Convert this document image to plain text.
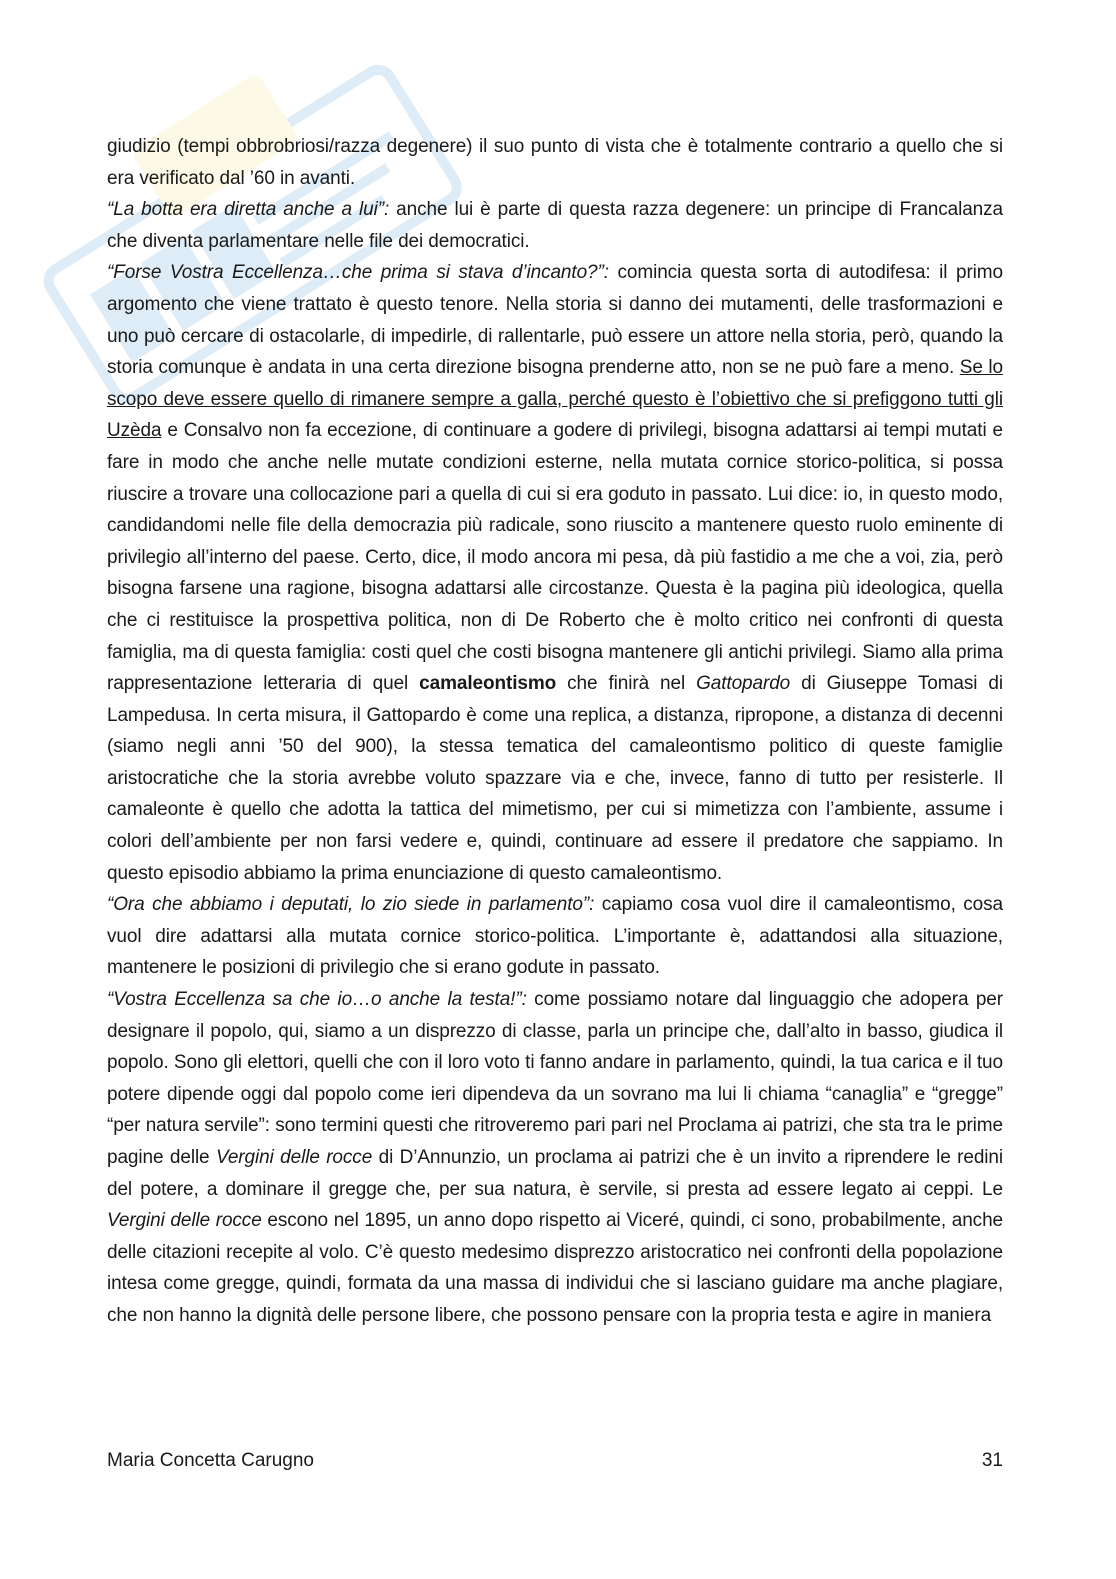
giudizio (tempi obbrobriosi/razza degenere) il suo punto di vista che è totalmente contrario a quello che si era verificato dal ’60 in avanti.

“La botta era diretta anche a lui”: anche lui è parte di questa razza degenere: un principe di Francalanza che diventa parlamentare nelle file dei democratici.

“Forse Vostra Eccellenza…che prima si stava d’incanto?”: comincia questa sorta di autodifesa: il primo argomento che viene trattato è questo tenore. Nella storia si danno dei mutamenti, delle trasformazioni e uno può cercare di ostacolarle, di impedirle, di rallentarle, può essere un attore nella storia, però, quando la storia comunque è andata in una certa direzione bisogna prenderne atto, non se ne può fare a meno. Se lo scopo deve essere quello di rimanere sempre a galla, perché questo è l’obiettivo che si prefiggono tutti gli Uzèda e Consalvo non fa eccezione, di continuare a godere di privilegi, bisogna adattarsi ai tempi mutati e fare in modo che anche nelle mutate condizioni esterne, nella mutata cornice storico-politica, si possa riuscire a trovare una collocazione pari a quella di cui si era goduto in passato. Lui dice: io, in questo modo, candidandomi nelle file della democrazia più radicale, sono riuscito a mantenere questo ruolo eminente di privilegio all’interno del paese. Certo, dice, il modo ancora mi pesa, dà più fastidio a me che a voi, zia, però bisogna farsene una ragione, bisogna adattarsi alle circostanze. Questa è la pagina più ideologica, quella che ci restituisce la prospettiva politica, non di De Roberto che è molto critico nei confronti di questa famiglia, ma di questa famiglia: costi quel che costi bisogna mantenere gli antichi privilegi. Siamo alla prima rappresentazione letteraria di quel camaleontismo che finirà nel Gattopardo di Giuseppe Tomasi di Lampedusa. In certa misura, il Gattopardo è come una replica, a distanza, ripropone, a distanza di decenni (siamo negli anni ’50 del 900), la stessa tematica del camaleontismo politico di queste famiglie aristocratiche che la storia avrebbe voluto spazzare via e che, invece, fanno di tutto per resisterle. Il camaleonte è quello che adotta la tattica del mimetismo, per cui si mimetizza con l’ambiente, assume i colori dell’ambiente per non farsi vedere e, quindi, continuare ad essere il predatore che sappiamo. In questo episodio abbiamo la prima enunciazione di questo camaleontismo.

“Ora che abbiamo i deputati, lo zio siede in parlamento”: capiamo cosa vuol dire il camaleontismo, cosa vuol dire adattarsi alla mutata cornice storico-politica. L’importante è, adattandosi alla situazione, mantenere le posizioni di privilegio che si erano godute in passato.

“Vostra Eccellenza sa che io…o anche la testa!”: come possiamo notare dal linguaggio che adopera per designare il popolo, qui, siamo a un disprezzo di classe, parla un principe che, dall’alto in basso, giudica il popolo. Sono gli elettori, quelli che con il loro voto ti fanno andare in parlamento, quindi, la tua carica e il tuo potere dipende oggi dal popolo come ieri dipendeva da un sovrano ma lui li chiama “canaglia” e “gregge” “per natura servile”: sono termini questi che ritroveremo pari pari nel Proclama ai patrizi, che sta tra le prime pagine delle Vergini delle rocce di D’Annunzio, un proclama ai patrizi che è un invito a riprendere le redini del potere, a dominare il gregge che, per sua natura, è servile, si presta ad essere legato ai ceppi. Le Vergini delle rocce escono nel 1895, un anno dopo rispetto ai Viceré, quindi, ci sono, probabilmente, anche delle citazioni recepite al volo. C’è questo medesimo disprezzo aristocratico nei confronti della popolazione intesa come gregge, quindi, formata da una massa di individui che si lasciano guidare ma anche plagiare, che non hanno la dignità delle persone libere, che possono pensare con la propria testa e agire in maniera

Maria Concetta Carugno	31
